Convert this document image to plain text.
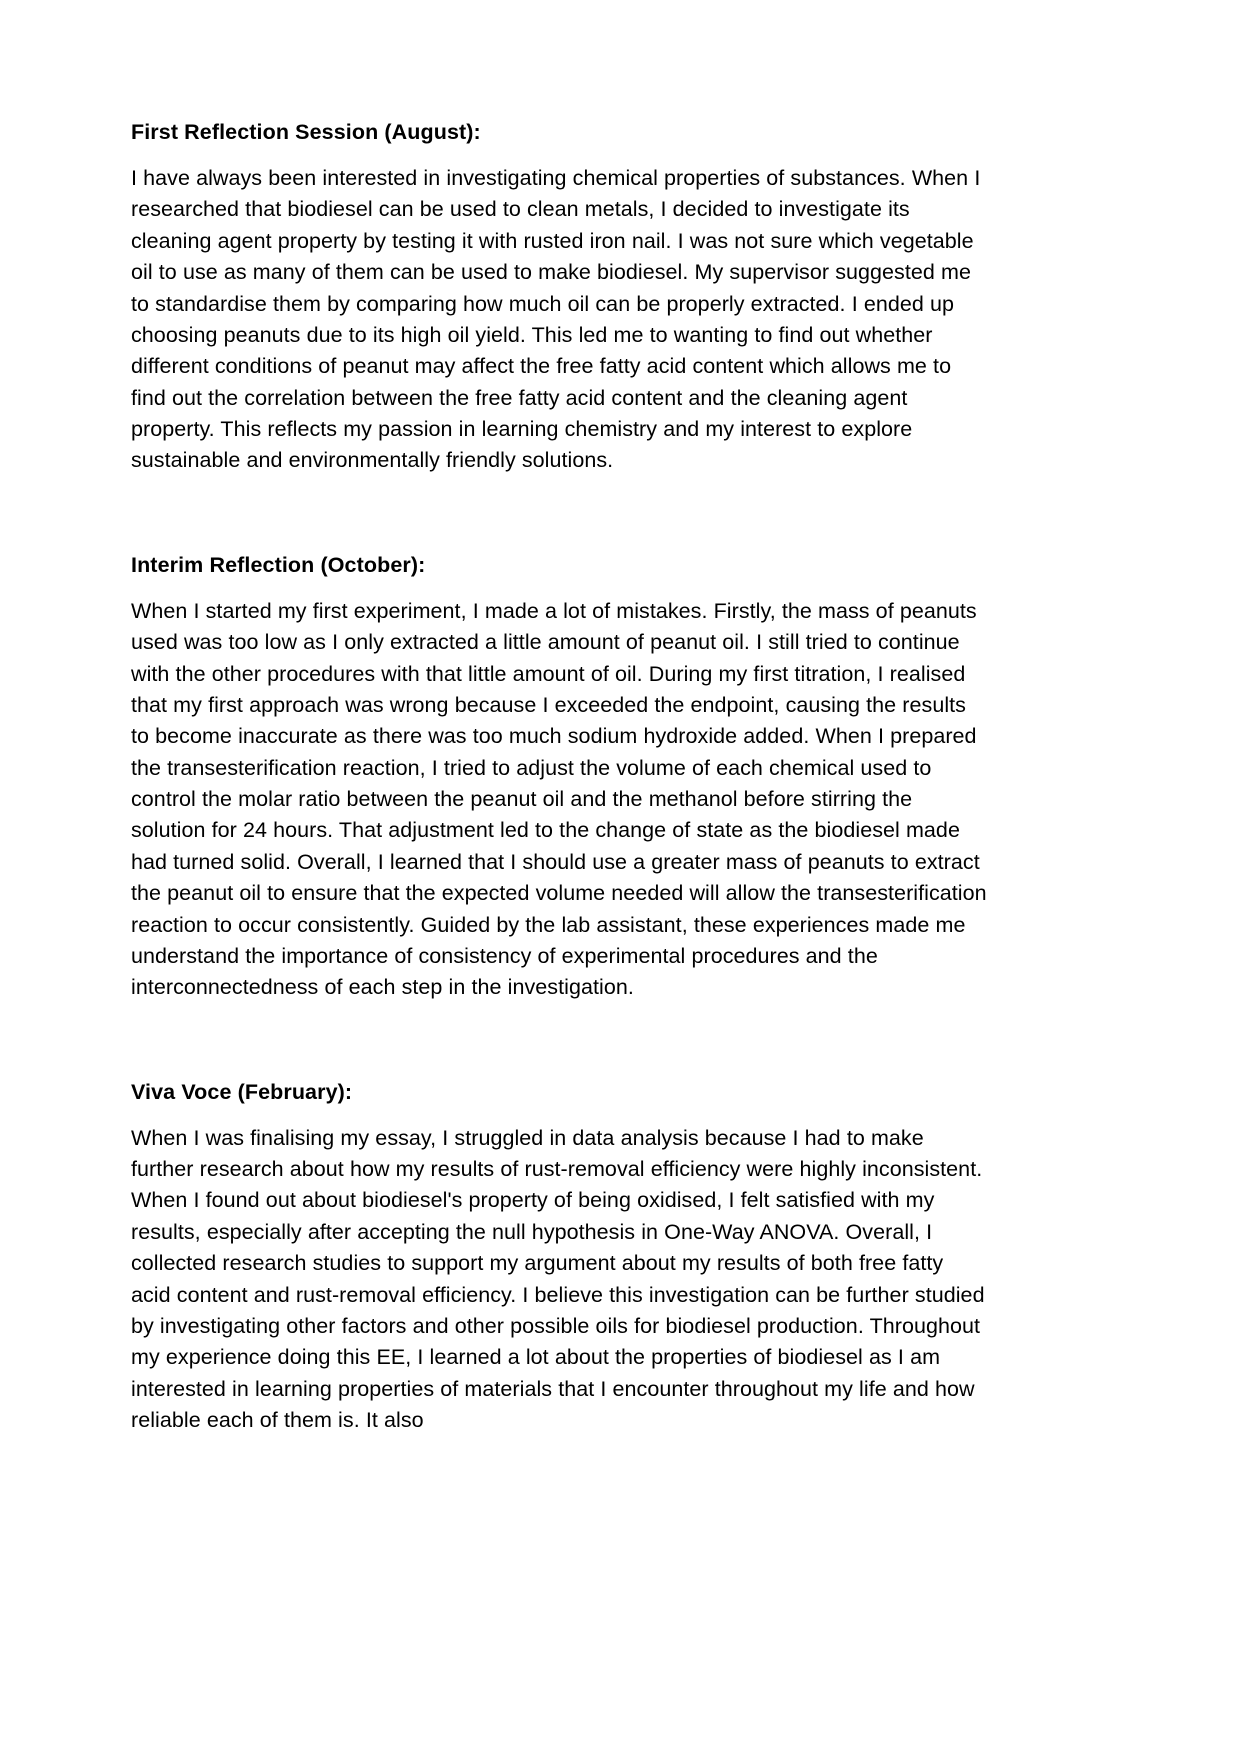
First Reflection Session (August):

I have always been interested in investigating chemical properties of substances. When I researched that biodiesel can be used to clean metals, I decided to investigate its cleaning agent property by testing it with rusted iron nail. I was not sure which vegetable oil to use as many of them can be used to make biodiesel. My supervisor suggested me to standardise them by comparing how much oil can be properly extracted. I ended up choosing peanuts due to its high oil yield. This led me to wanting to find out whether different conditions of peanut may affect the free fatty acid content which allows me to find out the correlation between the free fatty acid content and the cleaning agent property. This reflects my passion in learning chemistry and my interest to explore sustainable and environmentally friendly solutions.

Interim Reflection (October):

When I started my first experiment, I made a lot of mistakes. Firstly, the mass of peanuts used was too low as I only extracted a little amount of peanut oil. I still tried to continue with the other procedures with that little amount of oil. During my first titration, I realised that my first approach was wrong because I exceeded the endpoint, causing the results to become inaccurate as there was too much sodium hydroxide added. When I prepared the transesterification reaction, I tried to adjust the volume of each chemical used to control the molar ratio between the peanut oil and the methanol before stirring the solution for 24 hours. That adjustment led to the change of state as the biodiesel made had turned solid. Overall, I learned that I should use a greater mass of peanuts to extract the peanut oil to ensure that the expected volume needed will allow the transesterification reaction to occur consistently. Guided by the lab assistant, these experiences made me understand the importance of consistency of experimental procedures and the interconnectedness of each step in the investigation.

Viva Voce (February):

When I was finalising my essay, I struggled in data analysis because I had to make further research about how my results of rust-removal efficiency were highly inconsistent. When I found out about biodiesel's property of being oxidised, I felt satisfied with my results, especially after accepting the null hypothesis in One-Way ANOVA. Overall, I collected research studies to support my argument about my results of both free fatty acid content and rust-removal efficiency. I believe this investigation can be further studied by investigating other factors and other possible oils for biodiesel production. Throughout my experience doing this EE, I learned a lot about the properties of biodiesel as I am interested in learning properties of materials that I encounter throughout my life and how reliable each of them is. It also
